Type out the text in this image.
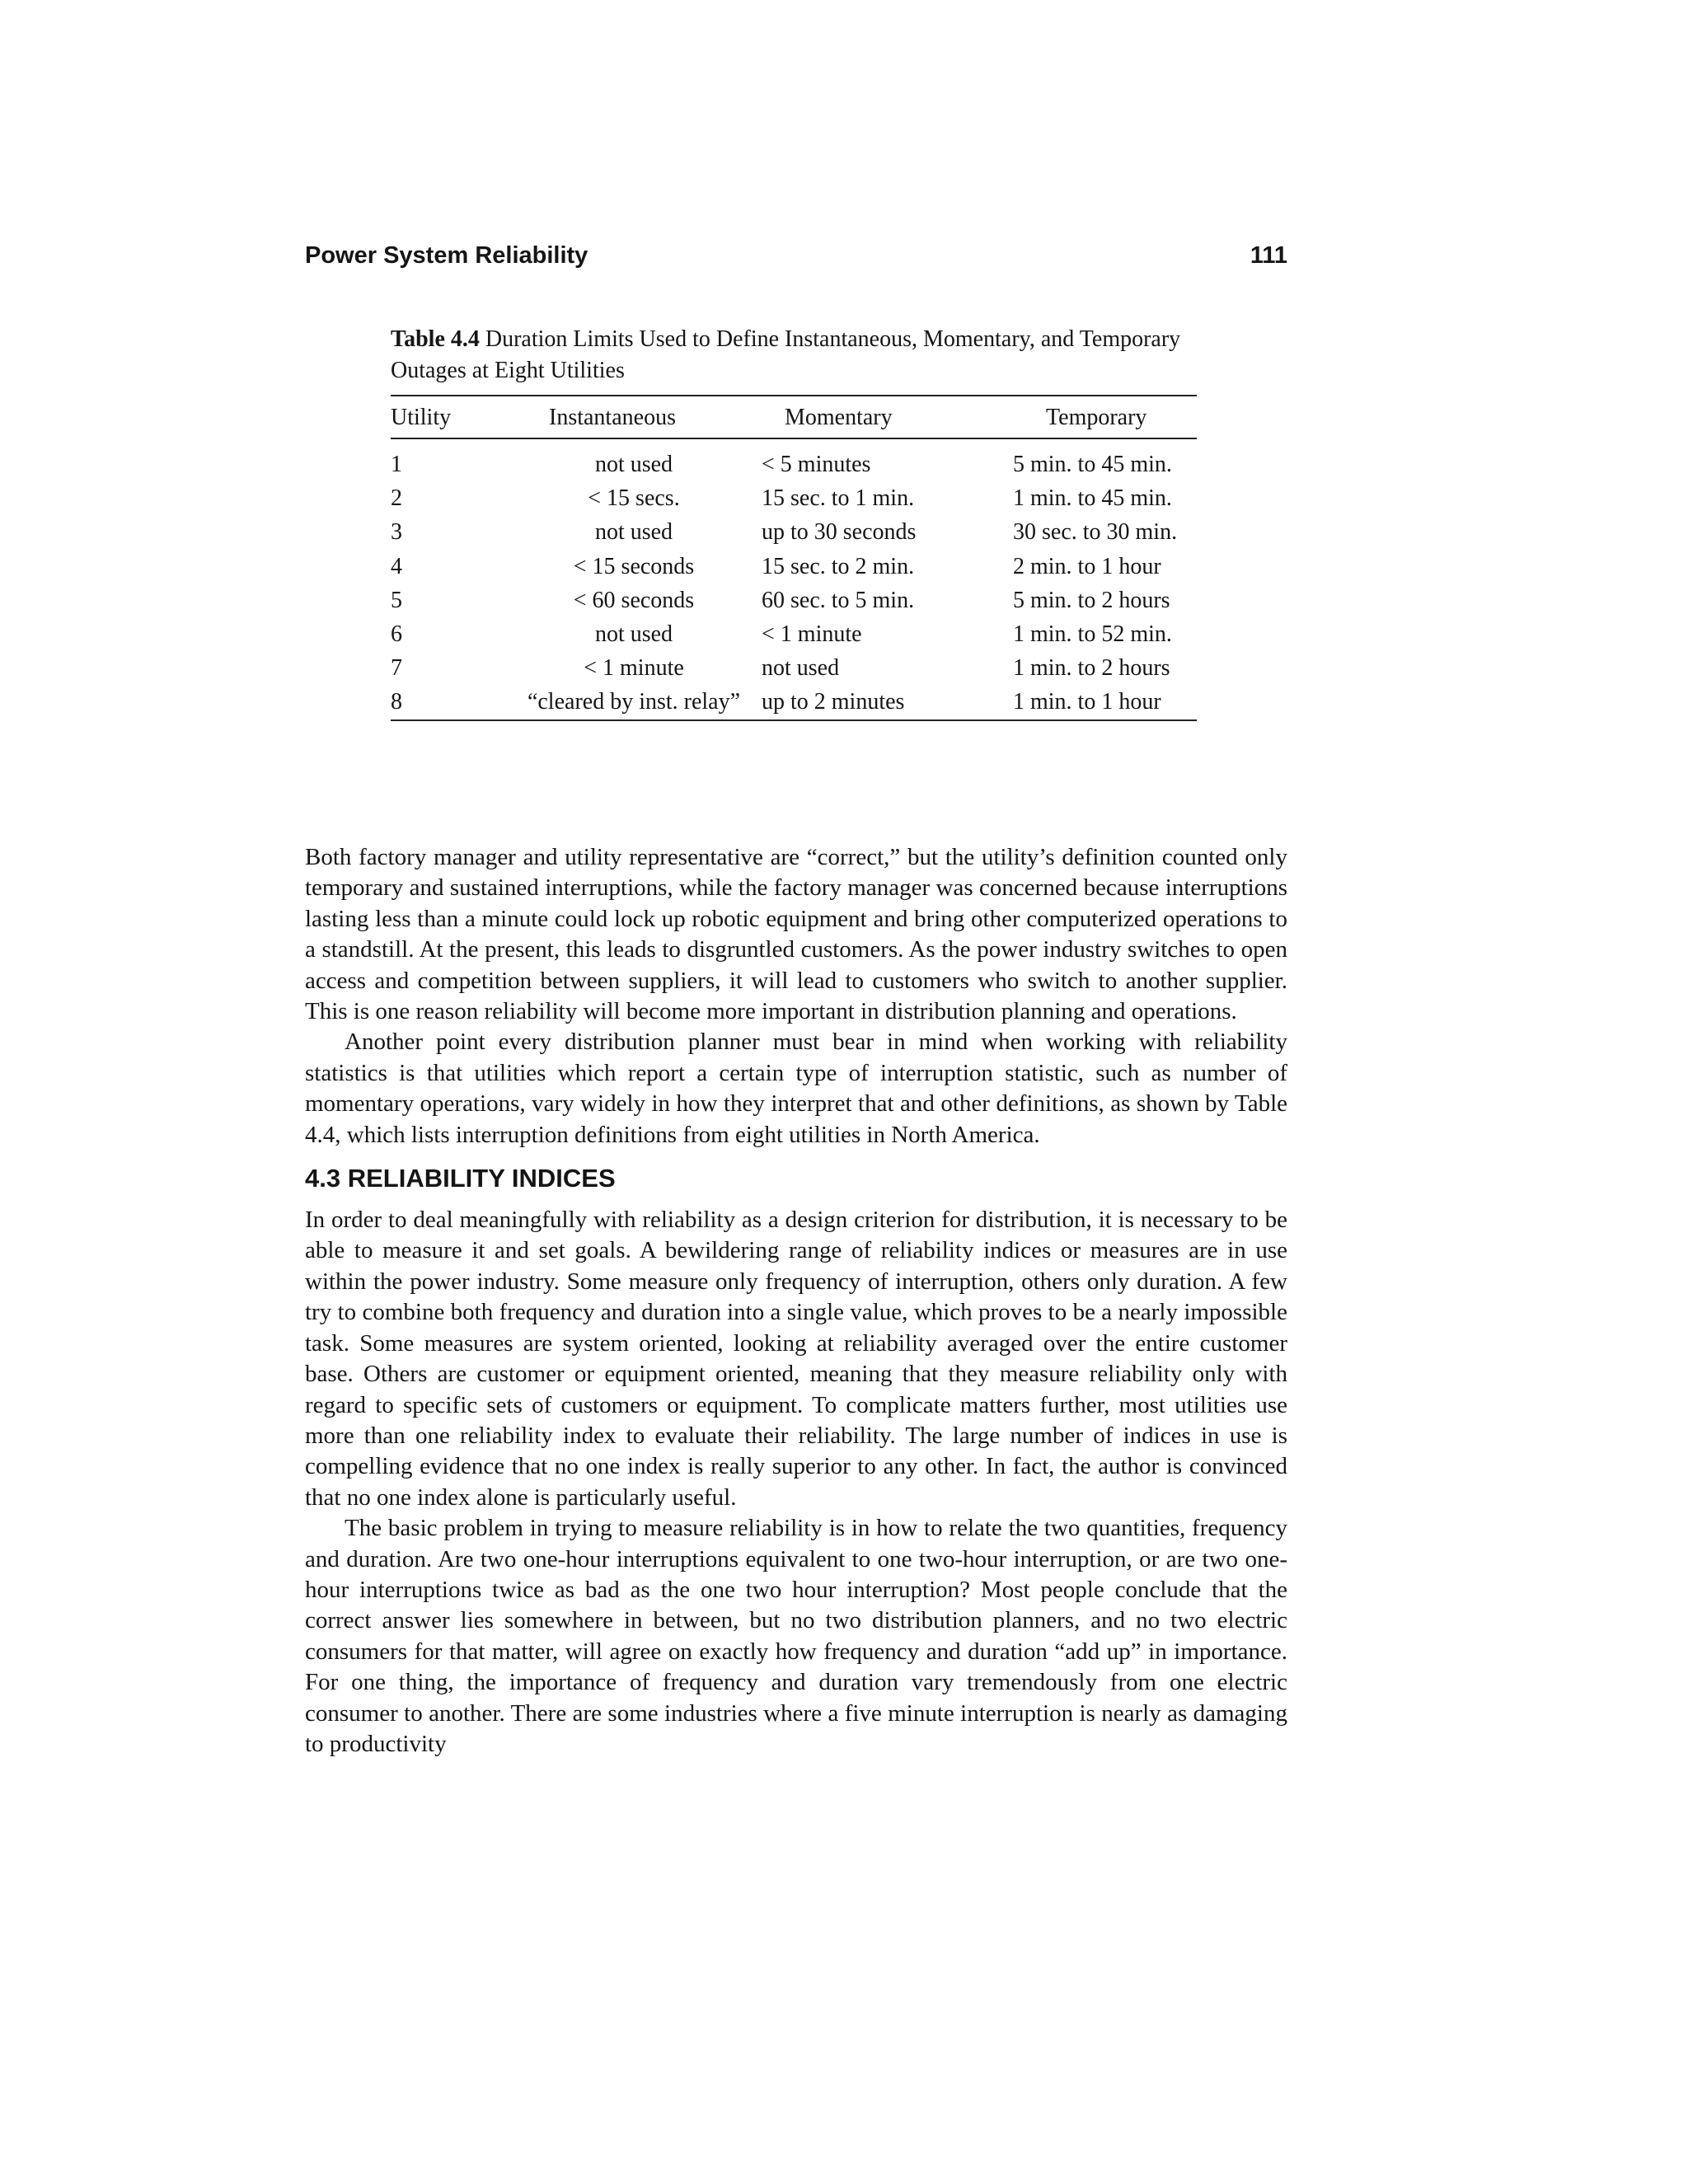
Power System Reliability	111

Table 4.4 Duration Limits Used to Define Instantaneous, Momentary, and Temporary Outages at Eight Utilities

Utility	Instantaneous	Momentary	Temporary
1	not used	< 5 minutes	5 min. to 45 min.
2	< 15 secs.	15 sec. to 1 min.	1 min. to 45 min.
3	not used	up to 30 seconds	30 sec. to 30 min.
4	< 15 seconds	15 sec. to 2 min.	2 min. to 1 hour
5	< 60 seconds	60 sec. to 5 min.	5 min. to 2 hours
6	not used	< 1 minute	1 min. to 52 min.
7	< 1 minute	not used	1 min. to 2 hours
8	“cleared by inst. relay”	up to 2 minutes	1 min. to 1 hour

Both factory manager and utility representative are “correct,” but the utility’s definition counted only temporary and sustained interruptions, while the factory manager was concerned because interruptions lasting less than a minute could lock up robotic equipment and bring other computerized operations to a standstill. At the present, this leads to disgruntled customers. As the power industry switches to open access and competition between suppliers, it will lead to customers who switch to another supplier. This is one reason reliability will become more important in distribution planning and operations.

Another point every distribution planner must bear in mind when working with reliability statistics is that utilities which report a certain type of interruption statistic, such as number of momentary operations, vary widely in how they interpret that and other definitions, as shown by Table 4.4, which lists interruption definitions from eight utilities in North America.

4.3 RELIABILITY INDICES

In order to deal meaningfully with reliability as a design criterion for distribution, it is necessary to be able to measure it and set goals. A bewildering range of reliability indices or measures are in use within the power industry. Some measure only frequency of interruption, others only duration. A few try to combine both frequency and duration into a single value, which proves to be a nearly impossible task. Some measures are system oriented, looking at reliability averaged over the entire customer base. Others are customer or equipment oriented, meaning that they measure reliability only with regard to specific sets of customers or equipment. To complicate matters further, most utilities use more than one reliability index to evaluate their reliability. The large number of indices in use is compelling evidence that no one index is really superior to any other. In fact, the author is convinced that no one index alone is particularly useful.

The basic problem in trying to measure reliability is in how to relate the two quantities, frequency and duration. Are two one-hour interruptions equivalent to one two-hour interruption, or are two one-hour interruptions twice as bad as the one two hour interruption? Most people conclude that the correct answer lies somewhere in between, but no two distribution planners, and no two electric consumers for that matter, will agree on exactly how frequency and duration “add up” in importance. For one thing, the importance of frequency and duration vary tremendously from one electric consumer to another. There are some industries where a five minute interruption is nearly as damaging to productivity
